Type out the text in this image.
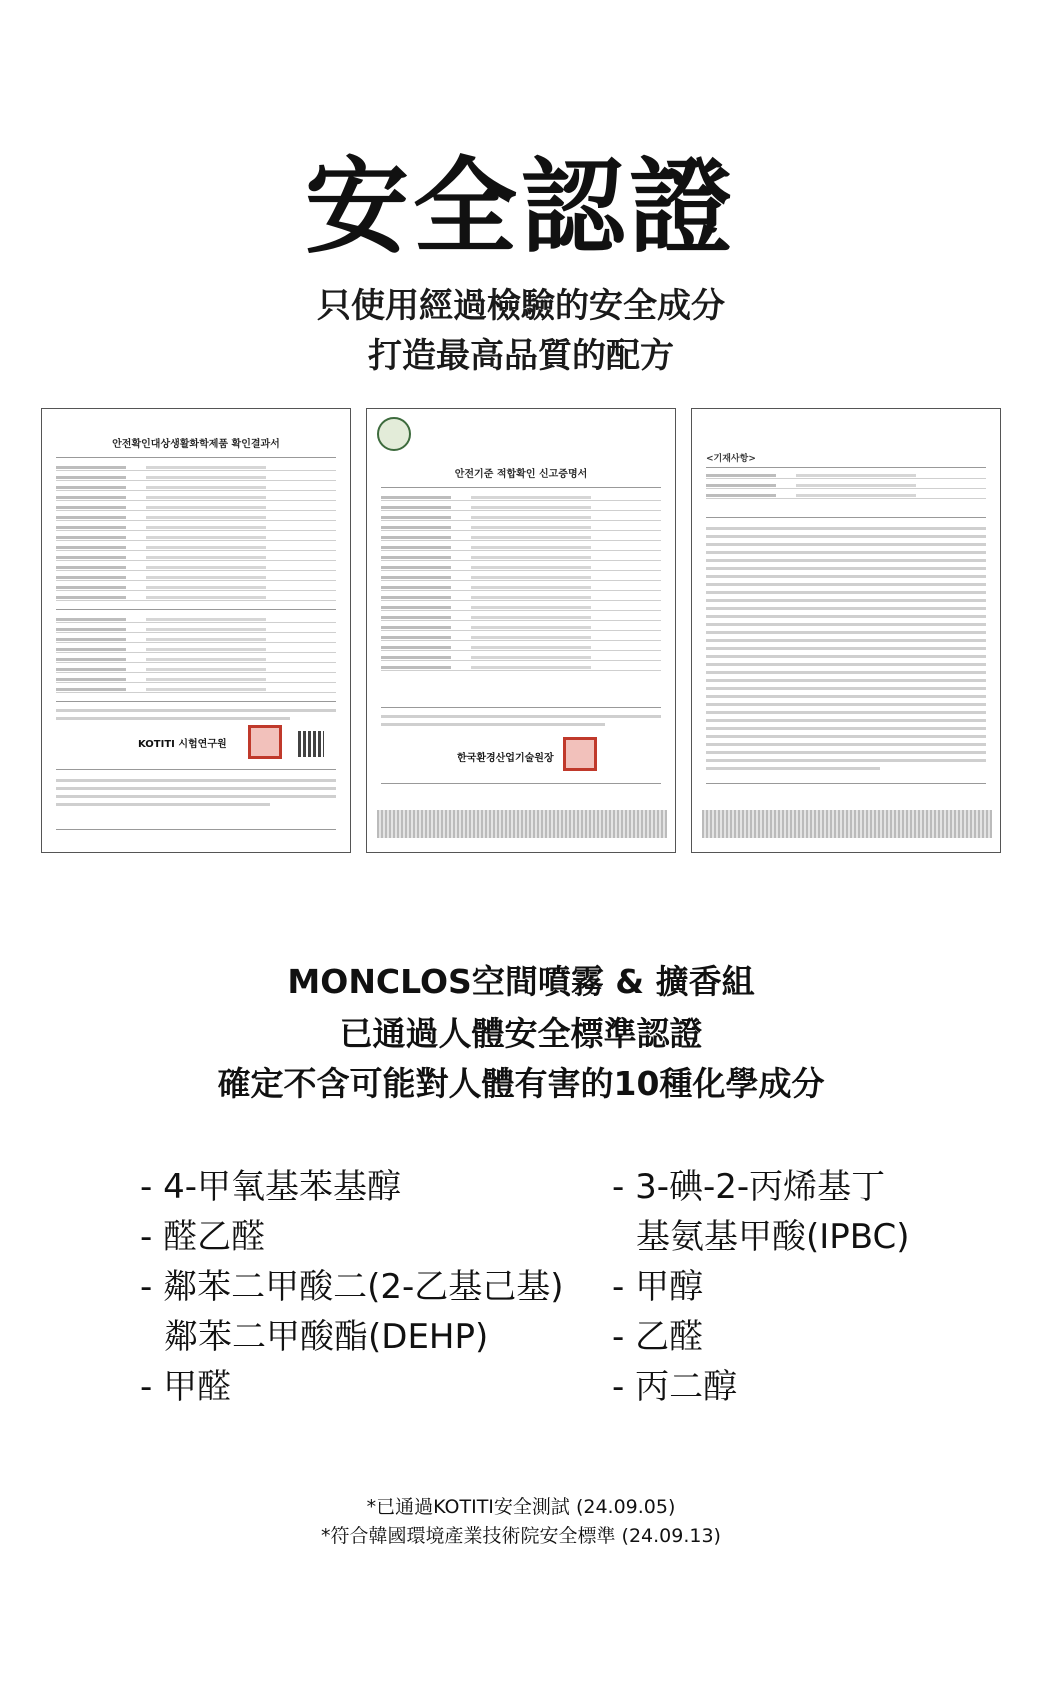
安全認證
只使用經過檢驗的安全成分
打造最高品質的配方
안전확인대상생활화학제품 확인결과서
KOTITI 시험연구원
안전기준 적합확인 신고증명서
한국환경산업기술원장
<기재사항>
MONCLOS空間噴霧 & 擴香組
已通過人體安全標準認證
確定不含可能對人體有害的10種化學成分
- 4-甲氧基苯基醇
- 醛乙醛
- 鄰苯二甲酸二(2-乙基己基)
鄰苯二甲酸酯(DEHP)
- 甲醛
- 3-碘-2-丙烯基丁
基氨基甲酸(IPBC)
- 甲醇
- 乙醛
- 丙二醇
*已通過KOTITI安全測試 (24.09.05)
*符合韓國環境產業技術院安全標準 (24.09.13)
